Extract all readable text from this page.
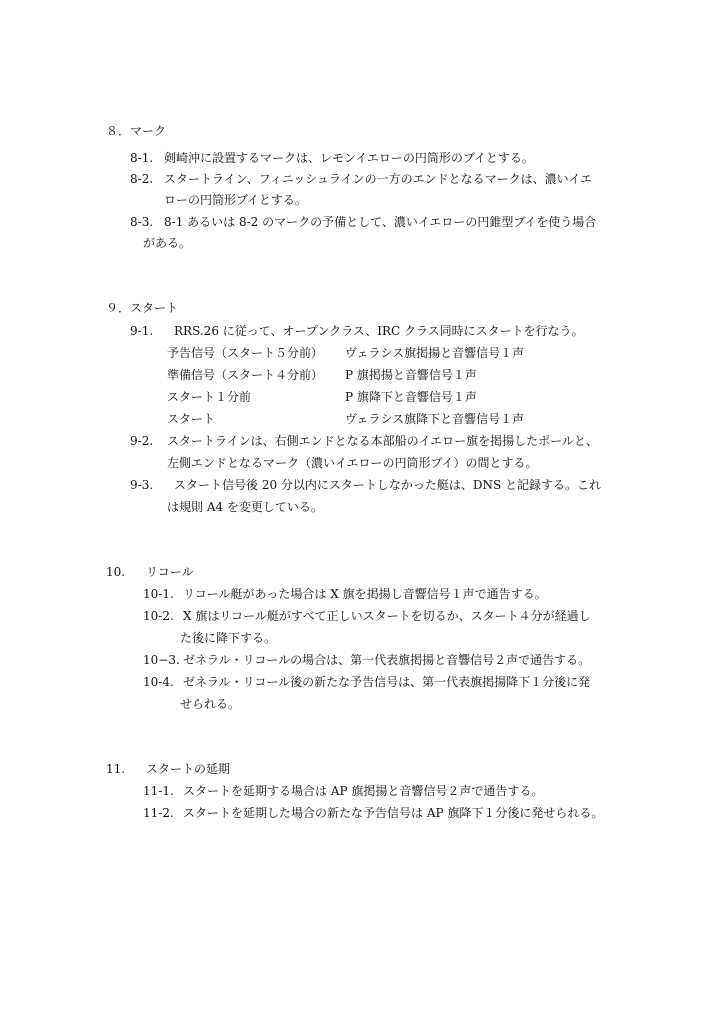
８．マーク
8-1. 剣崎沖に設置するマークは、レモンイエローの円筒形のブイとする。
8-2. スタートライン、フィニッシュラインの一方のエンドとなるマークは、濃いイエ
ローの円筒形ブイとする。
8-3. 8-1 あるいは 8-2 のマークの予備として、濃いイエローの円錐型ブイを使う場合
がある。
９．スタート
9-1. RRS.26 に従って、オープンクラス、IRC クラス同時にスタートを行なう。
予告信号（スタート５分前） ヴェラシス旗掲揚と音響信号１声
準備信号（スタート４分前） P 旗掲揚と音響信号１声
スタート１分前	P 旗降下と音響信号１声
スタート	ヴェラシス旗降下と音響信号１声
9-2. スタートラインは、右側エンドとなる本部船のイエロー旗を掲揚したポールと、
左側エンドとなるマーク（濃いイエローの円筒形ブイ）の間とする。
9-3. スタート信号後 20 分以内にスタートしなかった艇は、DNS と記録する。これ
は規則 A4 を変更している。
10. リコール
10-1. リコール艇があった場合は X 旗を掲揚し音響信号１声で通告する。
10-2. X 旗はリコール艇がすべて正しいスタートを切るか、スタート４分が経過し
た後に降下する。
10−3. ゼネラル・リコールの場合は、第一代表旗掲揚と音響信号２声で通告する。
10-4. ゼネラル・リコール後の新たな予告信号は、第一代表旗掲揚降下１分後に発
せられる。
11. スタートの延期
11-1. スタートを延期する場合は AP 旗掲揚と音響信号２声で通告する。
11-2. スタートを延期した場合の新たな予告信号は AP 旗降下１分後に発せられる。
